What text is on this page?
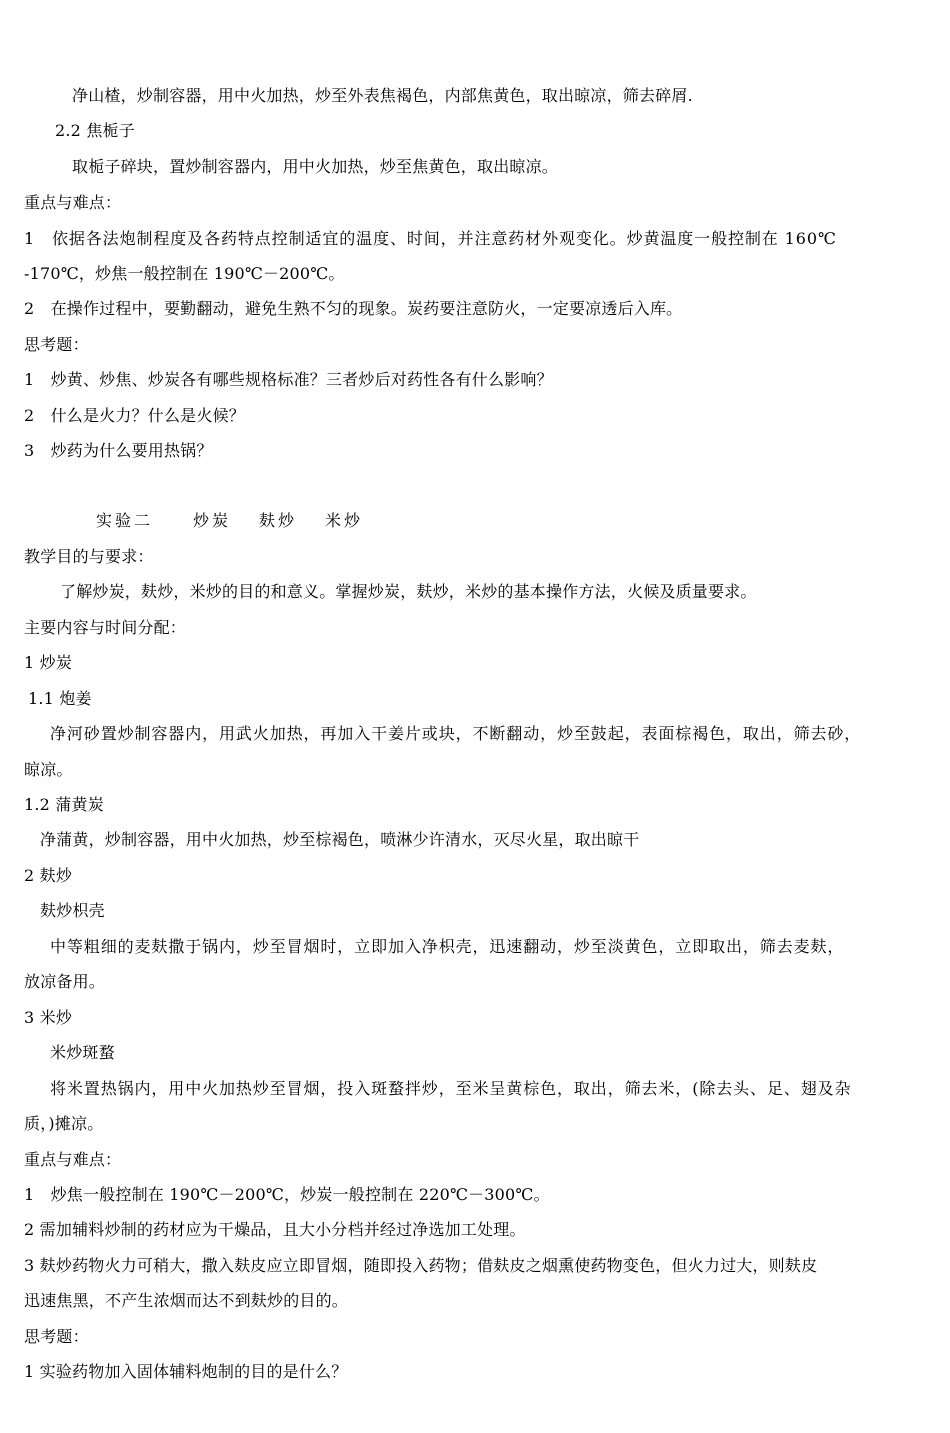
净山楂，炒制容器，用中火加热，炒至外表焦褐色，内部焦黄色，取出晾凉，筛去碎屑.
2.2 焦栀子
取栀子碎块，置炒制容器内，用中火加热，炒至焦黄色，取出晾凉。
重点与难点：
1　依据各法炮制程度及各药特点控制适宜的温度、时间，并注意药材外观变化。炒黄温度一般控制在 160℃
-170℃，炒焦一般控制在 190℃－200℃。
2　在操作过程中，要勤翻动，避免生熟不匀的现象。炭药要注意防火，一定要凉透后入库。
思考题：
1　炒黄、炒焦、炒炭各有哪些规格标准？三者炒后对药性各有什么影响？
2　什么是火力？什么是火候？
3　炒药为什么要用热锅？
实验二	炒炭 麸炒 米炒
教学目的与要求：
了解炒炭，麸炒，米炒的目的和意义。掌握炒炭，麸炒，米炒的基本操作方法，火候及质量要求。
主要内容与时间分配：
1 炒炭
1.1 炮姜
净河砂置炒制容器内，用武火加热，再加入干姜片或块，不断翻动，炒至鼓起，表面棕褐色，取出，筛去砂，
晾凉。
1.2 蒲黄炭
净蒲黄，炒制容器，用中火加热，炒至棕褐色，喷淋少许清水，灭尽火星，取出晾干
2 麸炒
麸炒枳壳
中等粗细的麦麸撒于锅内，炒至冒烟时，立即加入净枳壳，迅速翻动，炒至淡黄色，立即取出，筛去麦麸，
放凉备用。
3 米炒
米炒斑蝥
将米置热锅内，用中火加热炒至冒烟，投入斑蝥拌炒，至米呈黄棕色，取出，筛去米，(除去头、足、翅及杂
质，)摊凉。
重点与难点：
1　炒焦一般控制在 190℃－200℃，炒炭一般控制在 220℃－300℃。
2 需加辅料炒制的药材应为干燥品，且大小分档并经过净选加工处理。
3 麸炒药物火力可稍大，撒入麸皮应立即冒烟，随即投入药物；借麸皮之烟熏使药物变色，但火力过大，则麸皮
迅速焦黑，不产生浓烟而达不到麸炒的目的。
思考题：
1 实验药物加入固体辅料炮制的目的是什么？
